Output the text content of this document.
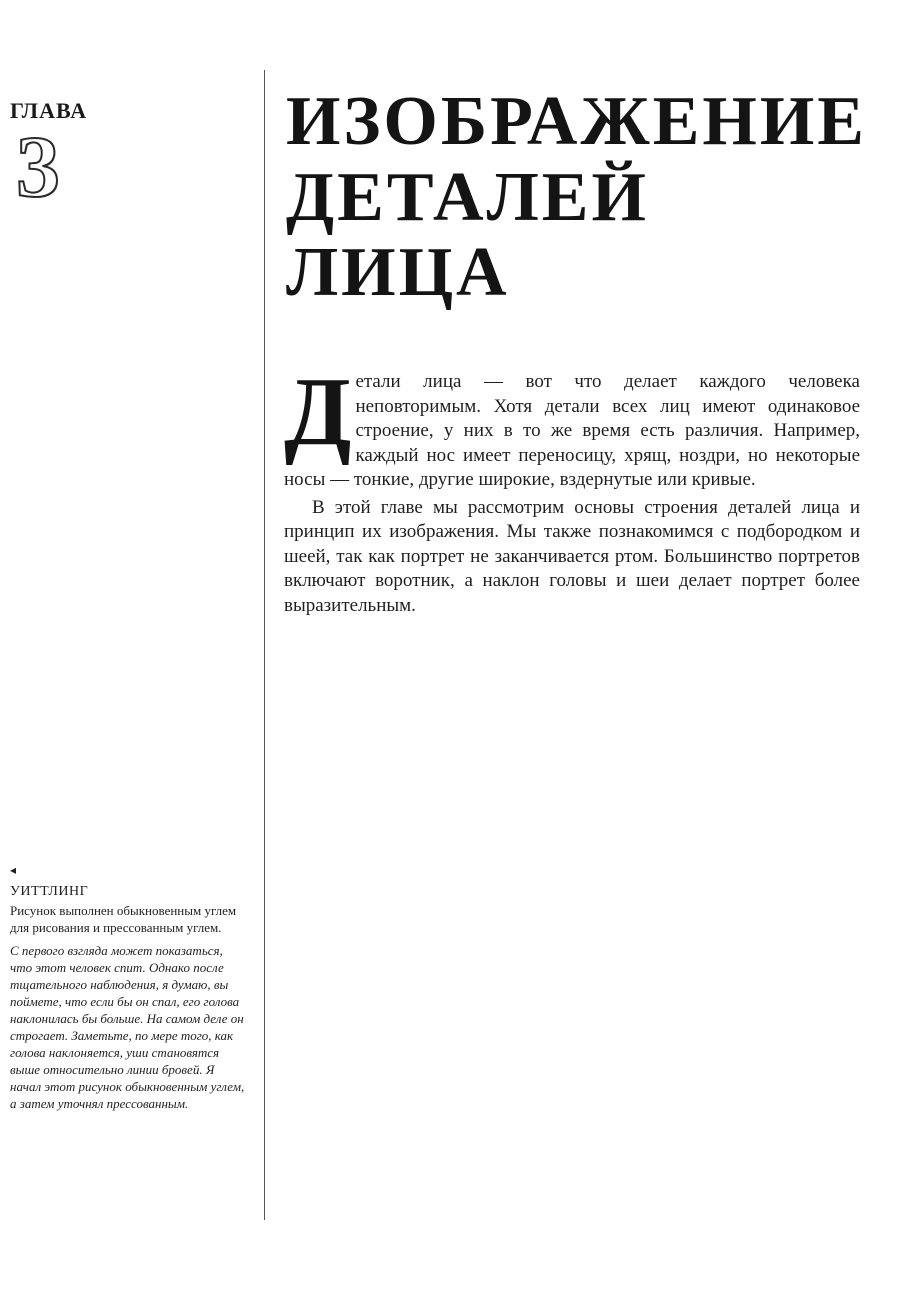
ГЛАВА
3	ИЗОБРАЖЕНИЕ
ДЕТАЛЕЙ ЛИЦА

Детали лица — вот что делает каждого человека неповторимым. Хотя детали всех лиц имеют одинаковое строение, у них в то же время есть различия. Например, каждый нос имеет переносицу, хрящ, ноздри, но некоторые носы — тонкие, другие широкие, вздернутые или кривые.

В этой главе мы рассмотрим основы строения деталей лица и принцип их изображения. Мы также познакомимся с подбородком и шеей, так как портрет не заканчивается ртом. Большинство портретов включают воротник, а наклон головы и шеи делает портрет более выразительным.

◂
УИТТЛИНГ
Рисунок выполнен обыкновенным углем для рисования и прессованным углем.
С первого взгляда может показаться, что этот человек спит. Однако после тщательного наблюдения, я думаю, вы поймете, что если бы он спал, его голова наклонилась бы больше. На самом деле он строгает. Заметьте, по мере того, как голова наклоняется, уши становятся выше относительно линии бровей. Я начал этот рисунок обыкновенным углем, а затем уточнял прессованным.
